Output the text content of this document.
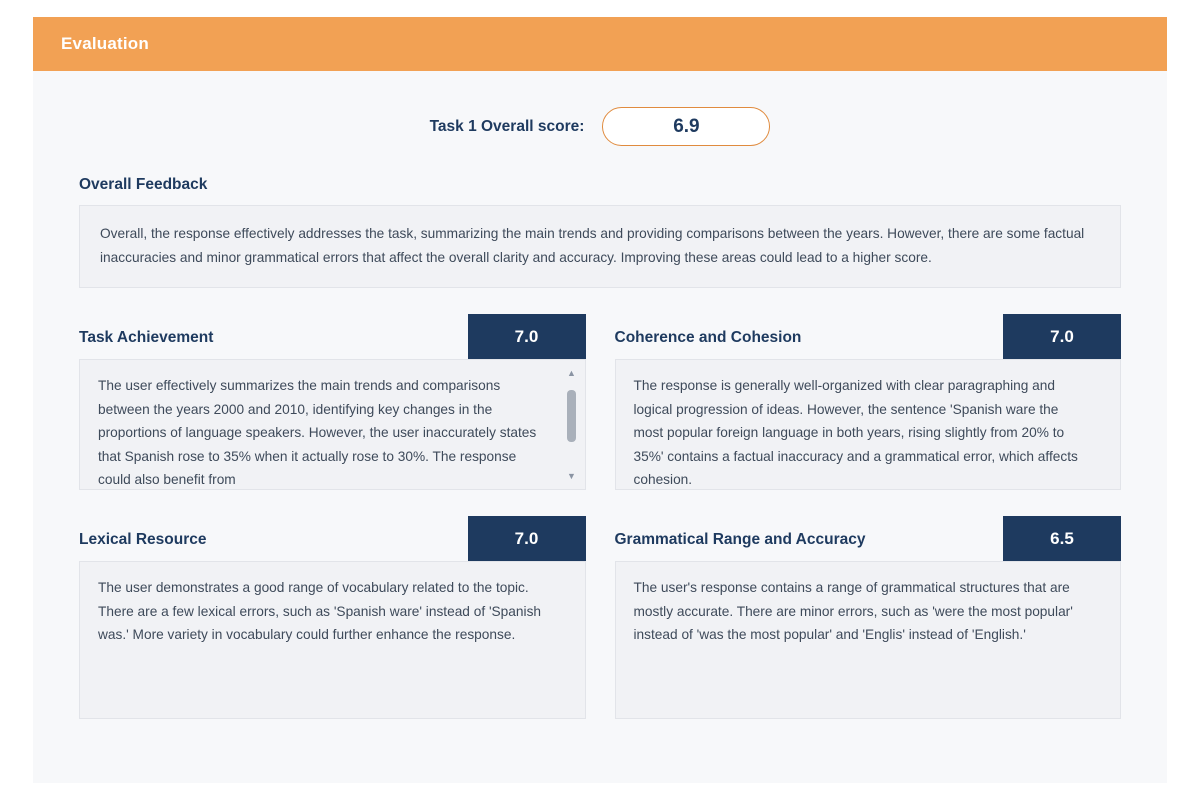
Evaluation
Task 1 Overall score:	6.9
Overall Feedback
Overall, the response effectively addresses the task, summarizing the main trends and providing comparisons between the years. However, there are some factual inaccuracies and minor grammatical errors that affect the overall clarity and accuracy. Improving these areas could lead to a higher score.
Task Achievement	7.0
The user effectively summarizes the main trends and comparisons between the years 2000 and 2010, identifying key changes in the proportions of language speakers. However, the user inaccurately states that Spanish rose to 35% when it actually rose to 30%. The response could also benefit from
▲
▼
Coherence and Cohesion	7.0
The response is generally well-organized with clear paragraphing and logical progression of ideas. However, the sentence 'Spanish ware the most popular foreign language in both years, rising slightly from 20% to 35%' contains a factual inaccuracy and a grammatical error, which affects cohesion.
Lexical Resource	7.0
The user demonstrates a good range of vocabulary related to the topic. There are a few lexical errors, such as 'Spanish ware' instead of 'Spanish was.' More variety in vocabulary could further enhance the response.
Grammatical Range and Accuracy	6.5
The user's response contains a range of grammatical structures that are mostly accurate. There are minor errors, such as 'were the most popular' instead of 'was the most popular' and 'Englis' instead of 'English.'
